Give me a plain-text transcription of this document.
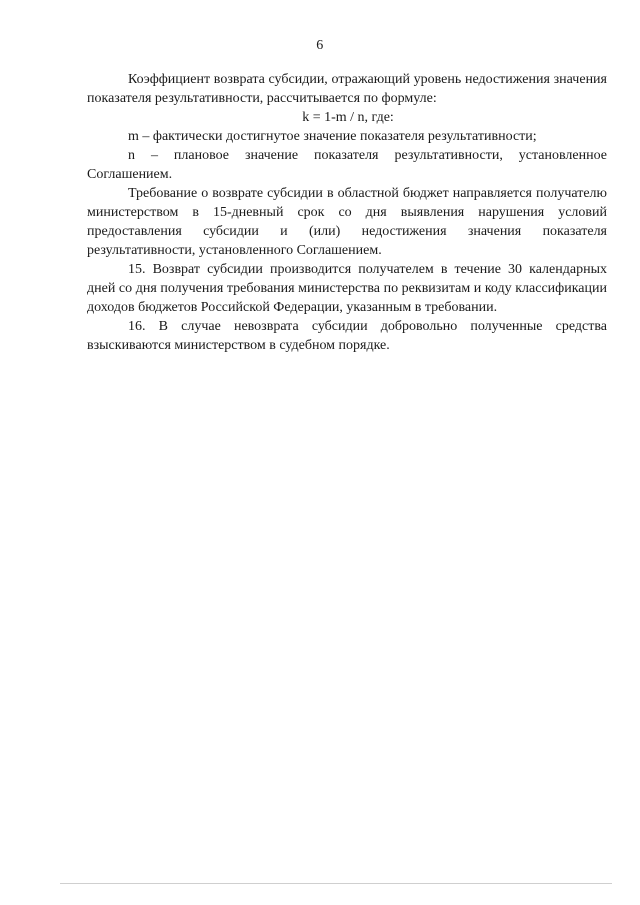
6

Коэффициент возврата субсидии, отражающий уровень недостижения значения показателя результативности, рассчитывается по формуле:

k = 1-m / n, где:

m – фактически достигнутое значение показателя результативности;

n – плановое значение показателя результативности, установленное Соглашением.

Требование о возврате субсидии в областной бюджет направляется получателю министерством в 15-дневный срок со дня выявления нарушения условий предоставления субсидии и (или) недостижения значения показателя результативности, установленного Соглашением.

15. Возврат субсидии производится получателем в течение 30 календарных дней со дня получения требования министерства по реквизитам и коду классификации доходов бюджетов Российской Федерации, указанным в требовании.

16. В случае невозврата субсидии добровольно полученные средства взыскиваются министерством в судебном порядке.
